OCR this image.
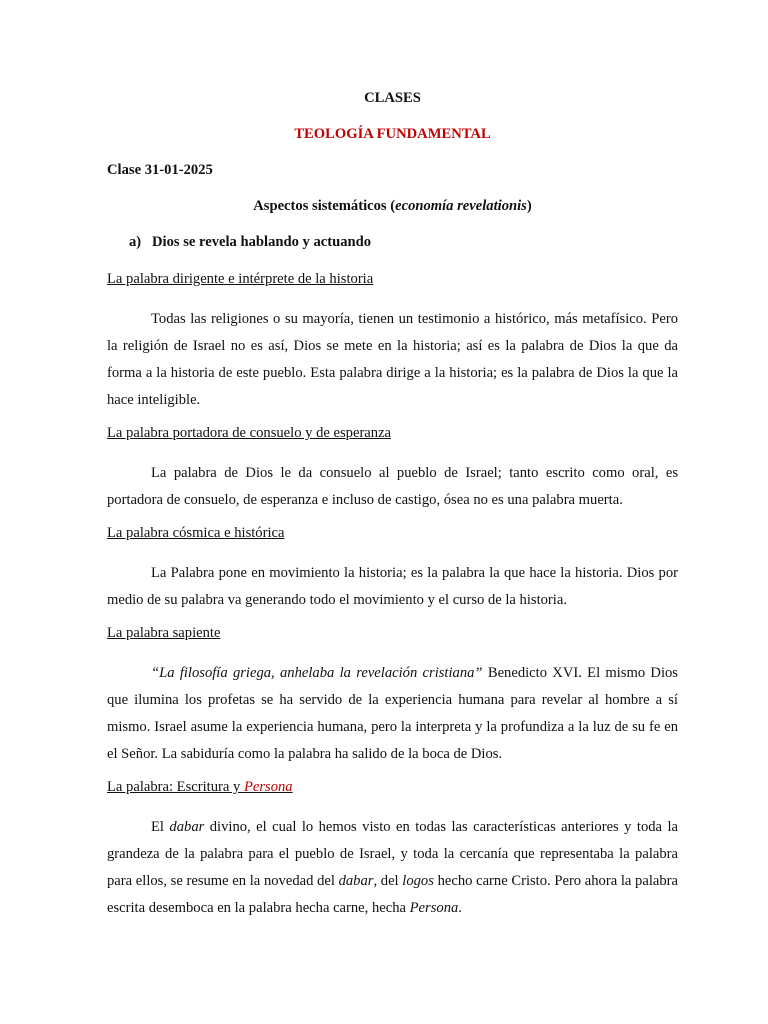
CLASES

TEOLOGÍA FUNDAMENTAL

Clase 31-01-2025

Aspectos sistemáticos (economía revelationis)

a) Dios se revela hablando y actuando

La palabra dirigente e intérprete de la historia

Todas las religiones o su mayoría, tienen un testimonio a histórico, más metafísico. Pero la religión de Israel no es así, Dios se mete en la historia; así es la palabra de Dios la que da forma a la historia de este pueblo. Esta palabra dirige a la historia; es la palabra de Dios la que la hace inteligible.

La palabra portadora de consuelo y de esperanza

La palabra de Dios le da consuelo al pueblo de Israel; tanto escrito como oral, es portadora de consuelo, de esperanza e incluso de castigo, ósea no es una palabra muerta.

La palabra cósmica e histórica

La Palabra pone en movimiento la historia; es la palabra la que hace la historia. Dios por medio de su palabra va generando todo el movimiento y el curso de la historia.

La palabra sapiente

“La filosofía griega, anhelaba la revelación cristiana” Benedicto XVI. El mismo Dios que ilumina los profetas se ha servido de la experiencia humana para revelar al hombre a sí mismo. Israel asume la experiencia humana, pero la interpreta y la profundiza a la luz de su fe en el Señor. La sabiduría como la palabra ha salido de la boca de Dios.

La palabra: Escritura y Persona

El dabar divino, el cual lo hemos visto en todas las características anteriores y toda la grandeza de la palabra para el pueblo de Israel, y toda la cercanía que representaba la palabra para ellos, se resume en la novedad del dabar, del logos hecho carne Cristo. Pero ahora la palabra escrita desemboca en la palabra hecha carne, hecha Persona.
